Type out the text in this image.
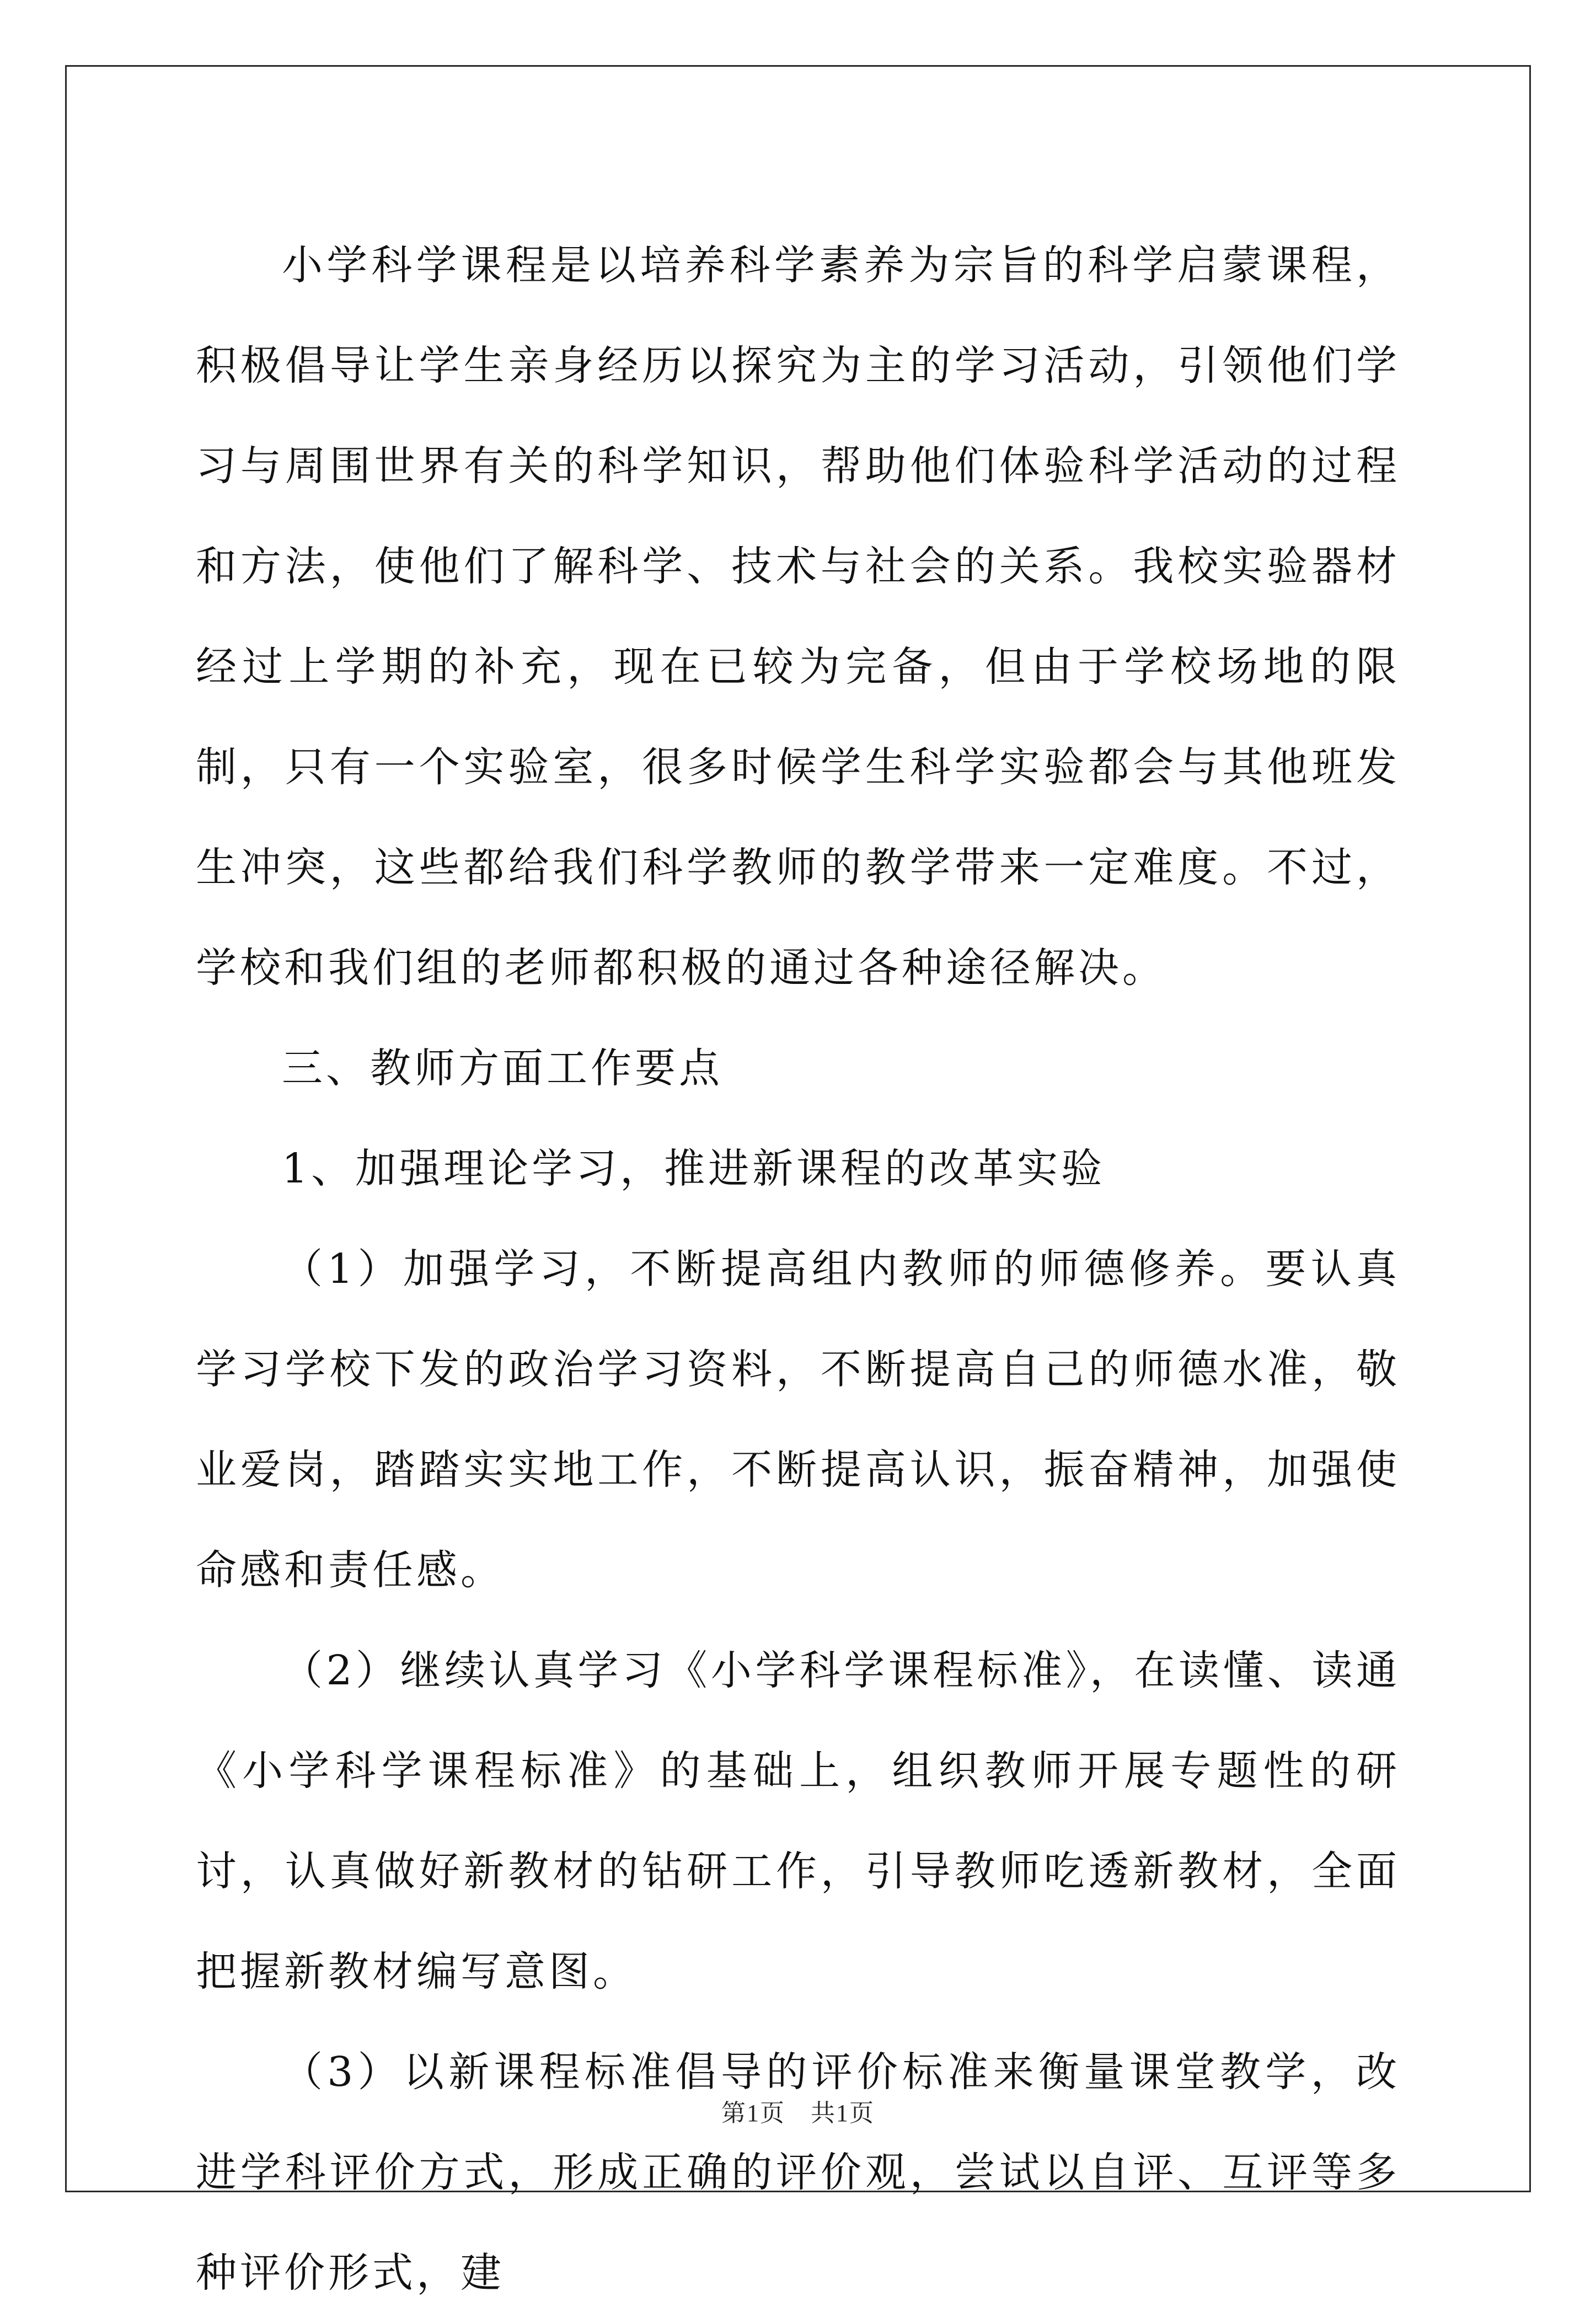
小学科学课程是以培养科学素养为宗旨的科学启蒙课程，积极倡导让学生亲身经历以探究为主的学习活动，引领他们学习与周围世界有关的科学知识，帮助他们体验科学活动的过程和方法，使他们了解科学、技术与社会的关系。我校实验器材经过上学期的补充，现在已较为完备，但由于学校场地的限制，只有一个实验室，很多时候学生科学实验都会与其他班发生冲突，这些都给我们科学教师的教学带来一定难度。不过，学校和我们组的老师都积极的通过各种途径解决。

三、教师方面工作要点

1、加强理论学习，推进新课程的改革实验

（1）加强学习，不断提高组内教师的师德修养。要认真学习学校下发的政治学习资料，不断提高自己的师德水准，敬业爱岗，踏踏实实地工作，不断提高认识，振奋精神，加强使命感和责任感。

（2）继续认真学习《小学科学课程标准》，在读懂、读通《小学科学课程标准》的基础上，组织教师开展专题性的研讨，认真做好新教材的钻研工作，引导教师吃透新教材，全面把握新教材编写意图。

（3）以新课程标准倡导的评价标准来衡量课堂教学，改进学科评价方式，形成正确的评价观，尝试以自评、互评等多种评价形式，建

第1页　共1页
